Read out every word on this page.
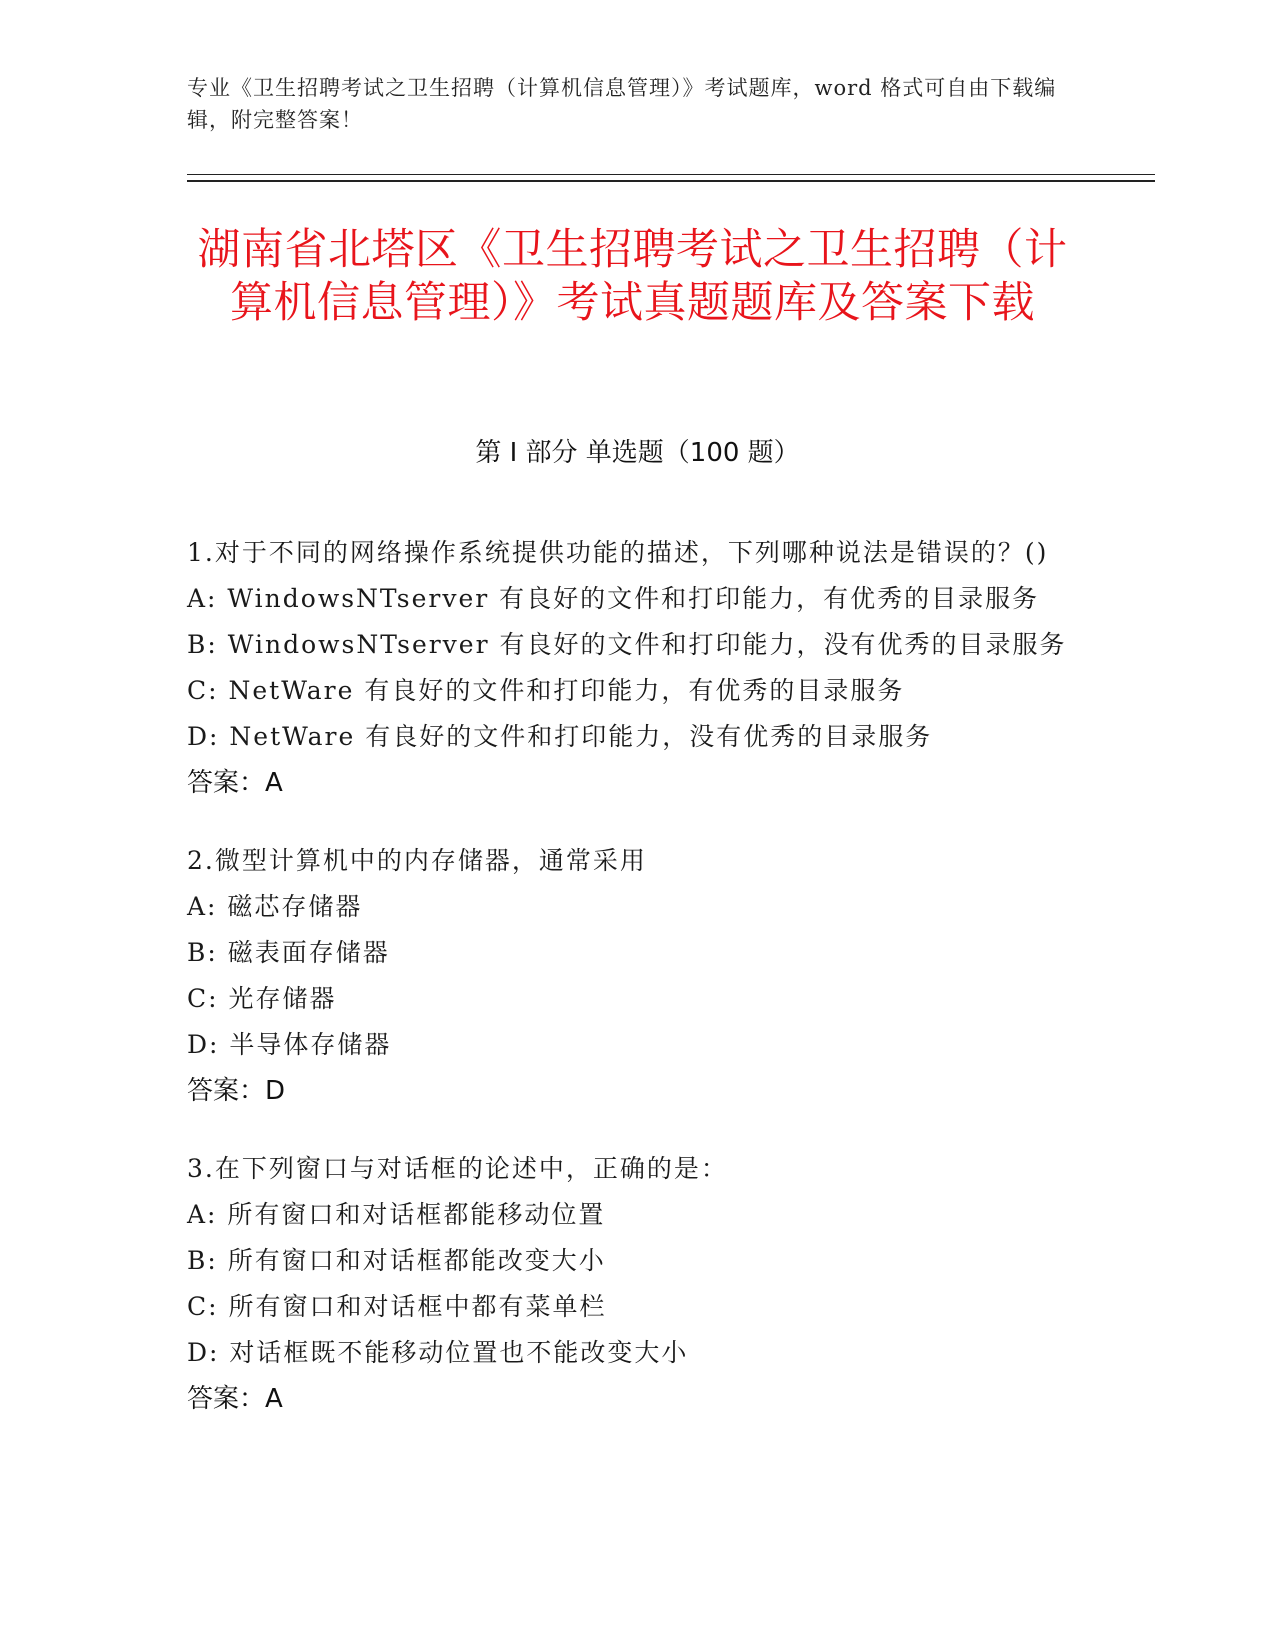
专业《卫生招聘考试之卫生招聘（计算机信息管理）》考试题库，word 格式可自由下载编辑，附完整答案！
湖南省北塔区《卫生招聘考试之卫生招聘（计算机信息管理）》考试真题题库及答案下载
第 I 部分 单选题（100 题）
1.对于不同的网络操作系统提供功能的描述，下列哪种说法是错误的？()
A: WindowsNTserver 有良好的文件和打印能力，有优秀的目录服务
B: WindowsNTserver 有良好的文件和打印能力，没有优秀的目录服务
C: NetWare 有良好的文件和打印能力，有优秀的目录服务
D: NetWare 有良好的文件和打印能力，没有优秀的目录服务
答案：A
2.微型计算机中的内存储器，通常采用
A: 磁芯存储器
B: 磁表面存储器
C: 光存储器
D: 半导体存储器
答案：D
3.在下列窗口与对话框的论述中，正确的是：
A: 所有窗口和对话框都能移动位置
B: 所有窗口和对话框都能改变大小
C: 所有窗口和对话框中都有菜单栏
D: 对话框既不能移动位置也不能改变大小
答案：A
